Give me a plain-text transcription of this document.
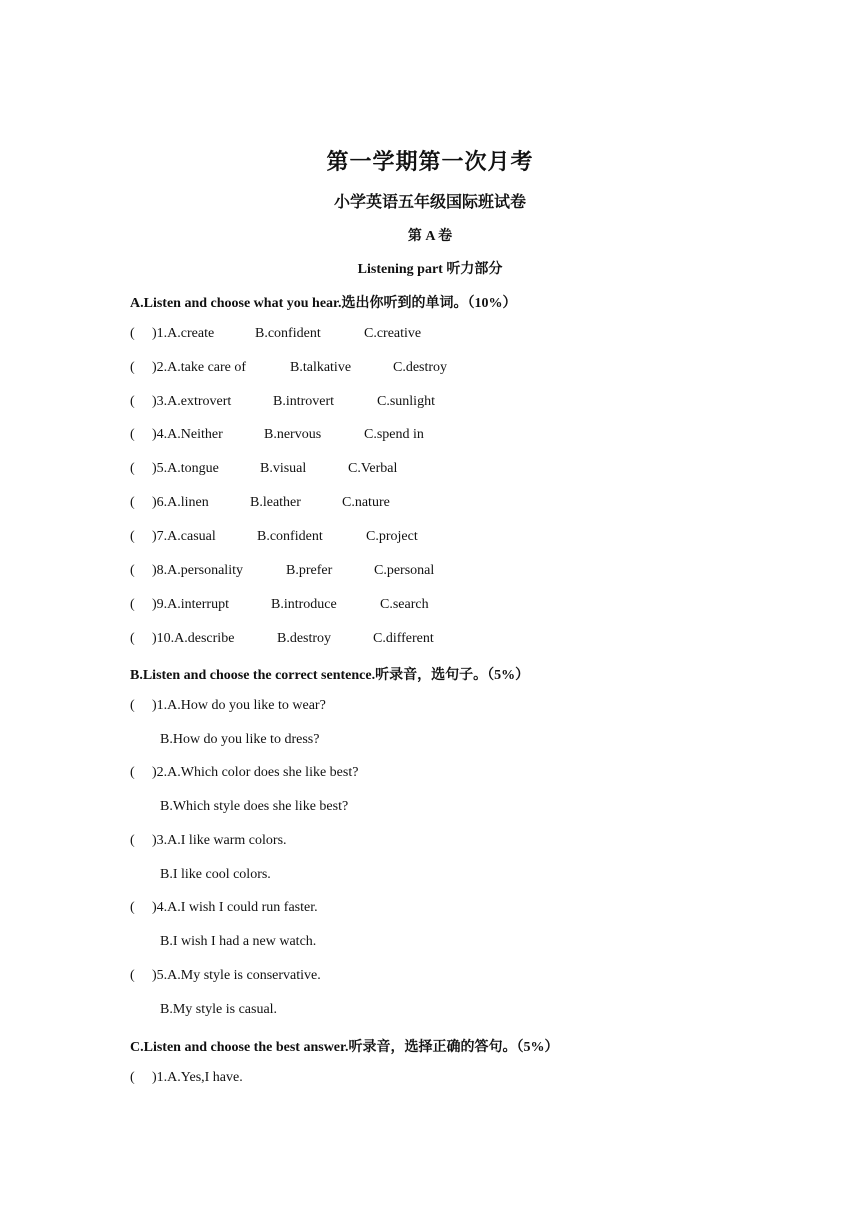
第一学期第一次月考
小学英语五年级国际班试卷
第 A 卷
Listening part 听力部分
A.Listen and choose what you hear.选出你听到的单词。（10%）
( )1.A.create	B.confident	C.creative
( )2.A.take care of	B.talkative	C.destroy
( )3.A.extrovert	B.introvert	C.sunlight
( )4.A.Neither	B.nervous	C.spend in
( )5.A.tongue	B.visual	C.Verbal
( )6.A.linen	B.leather	C.nature
( )7.A.casual	B.confident	C.project
( )8.A.personality	B.prefer	C.personal
( )9.A.interrupt	B.introduce	C.search
( )10.A.describe	B.destroy	C.different
B.Listen and choose the correct sentence.听录音，选句子。（5%）
( )1.A.How do you like to wear?
B.How do you like to dress?
( )2.A.Which color does she like best?
B.Which style does she like best?
( )3.A.I like warm colors.
B.I like cool colors.
( )4.A.I wish I could run faster.
B.I wish I had a new watch.
( )5.A.My style is conservative.
B.My style is casual.
C.Listen and choose the best answer.听录音，选择正确的答句。（5%）
( )1.A.Yes,I have.
